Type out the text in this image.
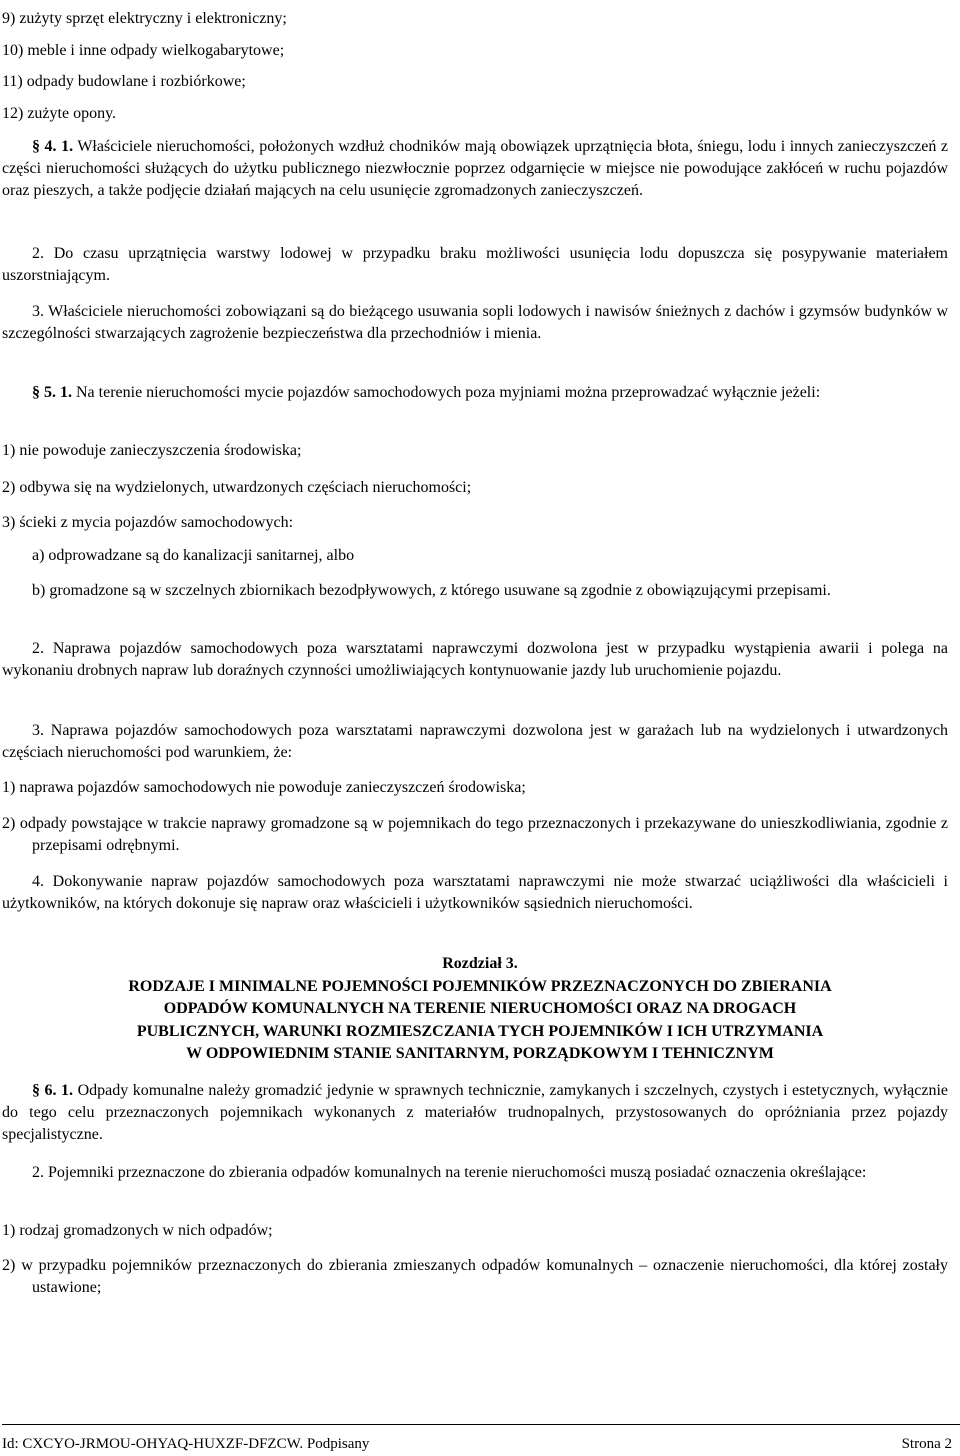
9) zużyty sprzęt elektryczny i elektroniczny;
10) meble i inne odpady wielkogabarytowe;
11) odpady budowlane i rozbiórkowe;
12) zużyte opony.
§ 4. 1. Właściciele nieruchomości, położonych wzdłuż chodników mają obowiązek uprzątnięcia błota, śniegu, lodu i innych zanieczyszczeń z części nieruchomości służących do użytku publicznego niezwłocznie poprzez odgarnięcie w miejsce nie powodujące zakłóceń w ruchu pojazdów oraz pieszych, a także podjęcie działań mających na celu usunięcie zgromadzonych zanieczyszczeń.
2. Do czasu uprzątnięcia warstwy lodowej w przypadku braku możliwości usunięcia lodu dopuszcza się posypywanie materiałem uszorstniającym.
3. Właściciele nieruchomości zobowiązani są do bieżącego usuwania sopli lodowych i nawisów śnieżnych z dachów i gzymsów budynków w szczególności stwarzających zagrożenie bezpieczeństwa dla przechodniów i mienia.
§ 5. 1. Na terenie nieruchomości mycie pojazdów samochodowych poza myjniami można przeprowadzać wyłącznie jeżeli:
1) nie powoduje zanieczyszczenia środowiska;
2) odbywa się na wydzielonych, utwardzonych częściach nieruchomości;
3) ścieki z mycia pojazdów samochodowych:
a) odprowadzane są do kanalizacji sanitarnej, albo
b) gromadzone są w szczelnych zbiornikach bezodpływowych, z którego usuwane są zgodnie z obowiązującymi przepisami.
2. Naprawa pojazdów samochodowych poza warsztatami naprawczymi dozwolona jest w przypadku wystąpienia awarii i polega na wykonaniu drobnych napraw lub doraźnych czynności umożliwiających kontynuowanie jazdy lub uruchomienie pojazdu.
3. Naprawa pojazdów samochodowych poza warsztatami naprawczymi dozwolona jest w garażach lub na wydzielonych i utwardzonych częściach nieruchomości pod warunkiem, że:
1) naprawa pojazdów samochodowych nie powoduje zanieczyszczeń środowiska;
2) odpady powstające w trakcie naprawy gromadzone są w pojemnikach do tego przeznaczonych i przekazywane do unieszkodliwiania, zgodnie z przepisami odrębnymi.
4. Dokonywanie napraw pojazdów samochodowych poza warsztatami naprawczymi nie może stwarzać uciążliwości dla właścicieli i użytkowników, na których dokonuje się napraw oraz właścicieli i użytkowników sąsiednich nieruchomości.
Rozdział 3.
RODZAJE I MINIMALNE POJEMNOŚCI POJEMNIKÓW PRZEZNACZONYCH DO ZBIERANIA
ODPADÓW KOMUNALNYCH NA TERENIE NIERUCHOMOŚCI ORAZ NA DROGACH
PUBLICZNYCH, WARUNKI ROZMIESZCZANIA TYCH POJEMNIKÓW I ICH UTRZYMANIA
W ODPOWIEDNIM STANIE SANITARNYM, PORZĄDKOWYM I TEHNICZNYM
§ 6. 1. Odpady komunalne należy gromadzić jedynie w sprawnych technicznie, zamykanych i szczelnych, czystych i estetycznych, wyłącznie do tego celu przeznaczonych pojemnikach wykonanych z materiałów trudnopalnych, przystosowanych do opróżniania przez pojazdy specjalistyczne.
2. Pojemniki przeznaczone do zbierania odpadów komunalnych na terenie nieruchomości muszą posiadać oznaczenia określające:
1) rodzaj gromadzonych w nich odpadów;
2) w przypadku pojemników przeznaczonych do zbierania zmieszanych odpadów komunalnych – oznaczenie nieruchomości, dla której zostały ustawione;
Id: CXCYO-JRMOU-OHYAQ-HUXZF-DFZCW. Podpisany	Strona 2
